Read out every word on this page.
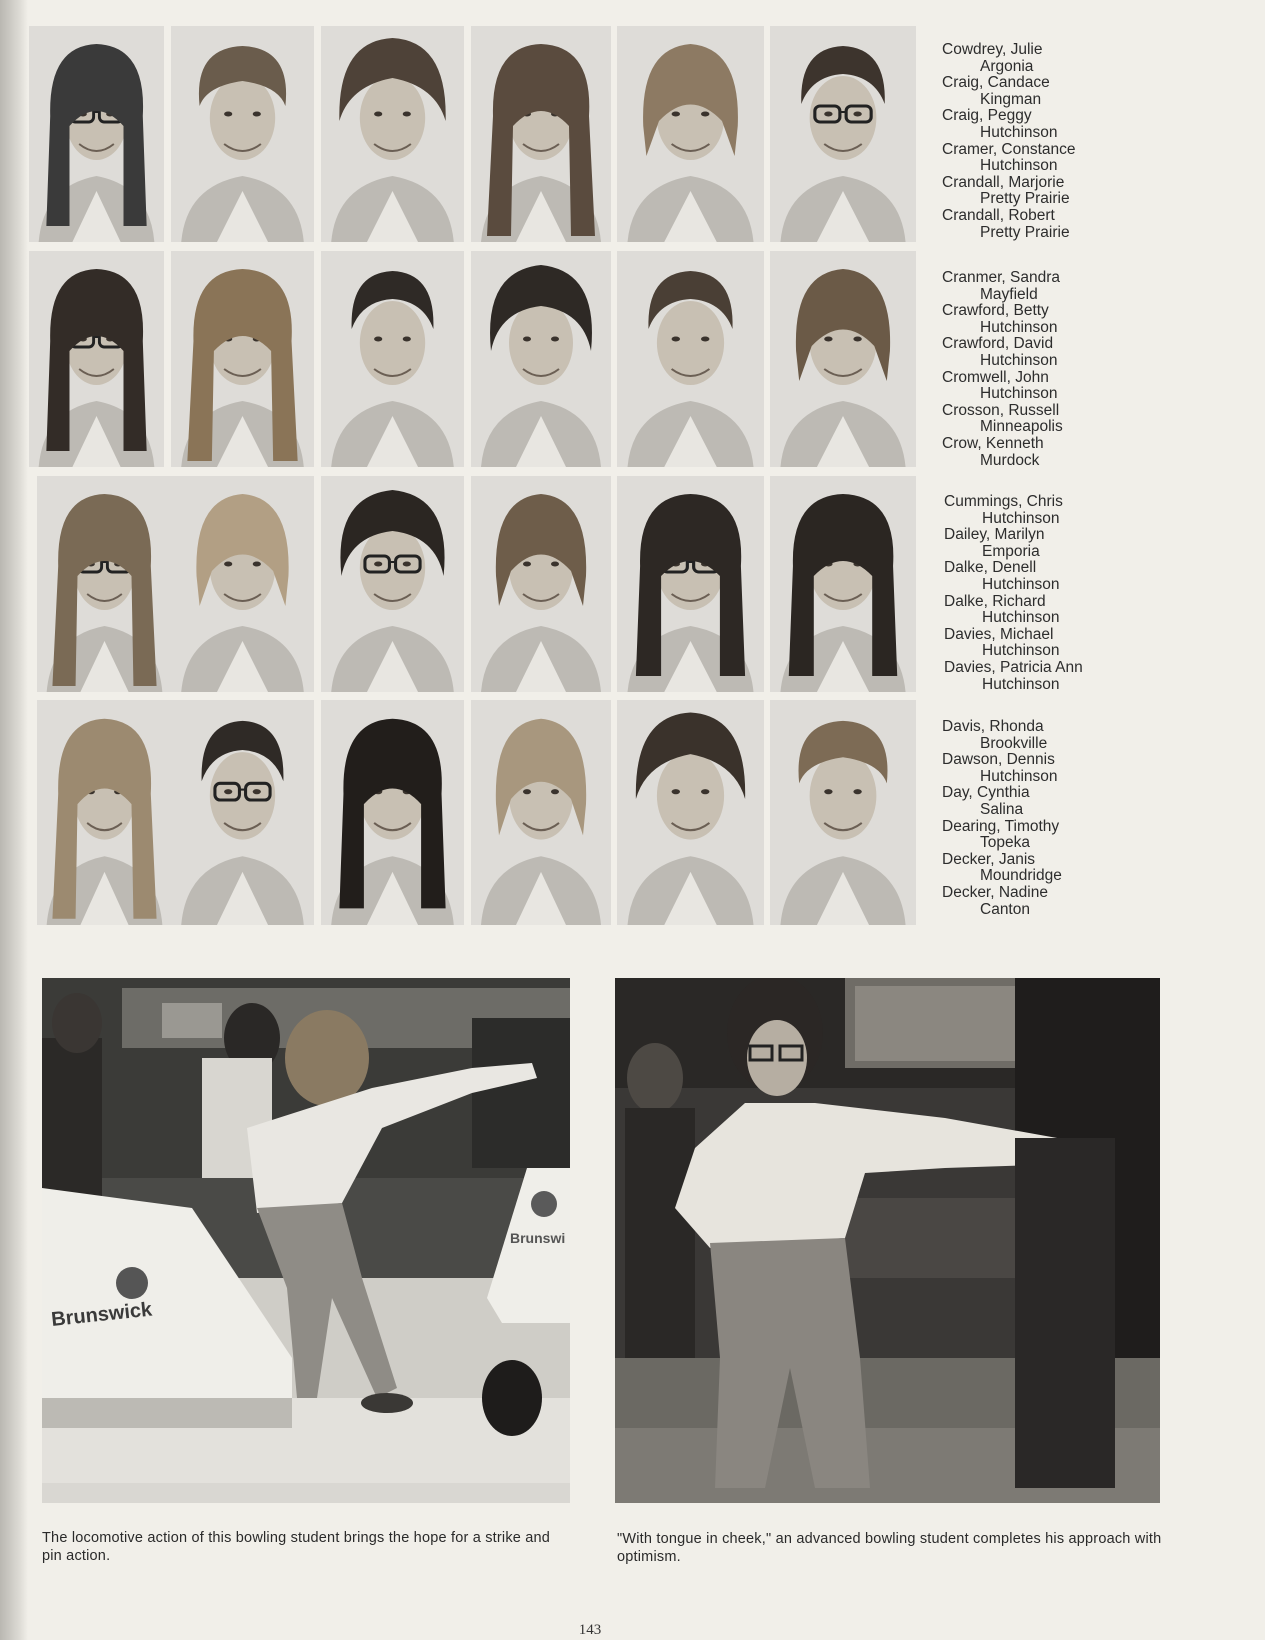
Cowdrey, Julie
Argonia
Craig, Candace
Kingman
Craig, Peggy
Hutchinson
Cramer, Constance
Hutchinson
Crandall, Marjorie
Pretty Prairie
Crandall, Robert
Pretty Prairie
Cranmer, Sandra
Mayfield
Crawford, Betty
Hutchinson
Crawford, David
Hutchinson
Cromwell, John
Hutchinson
Crosson, Russell
Minneapolis
Crow, Kenneth
Murdock
Cummings, Chris
Hutchinson
Dailey, Marilyn
Emporia
Dalke, Denell
Hutchinson
Dalke, Richard
Hutchinson
Davies, Michael
Hutchinson
Davies, Patricia Ann
Hutchinson
Davis, Rhonda
Brookville
Dawson, Dennis
Hutchinson
Day, Cynthia
Salina
Dearing, Timothy
Topeka
Decker, Janis
Moundridge
Decker, Nadine
Canton
Brunswick
Brunswi
The locomotive action of this bowling student brings the hope for a strike and pin action.
"With tongue in cheek," an advanced bowling student completes his approach with optimism.
143
